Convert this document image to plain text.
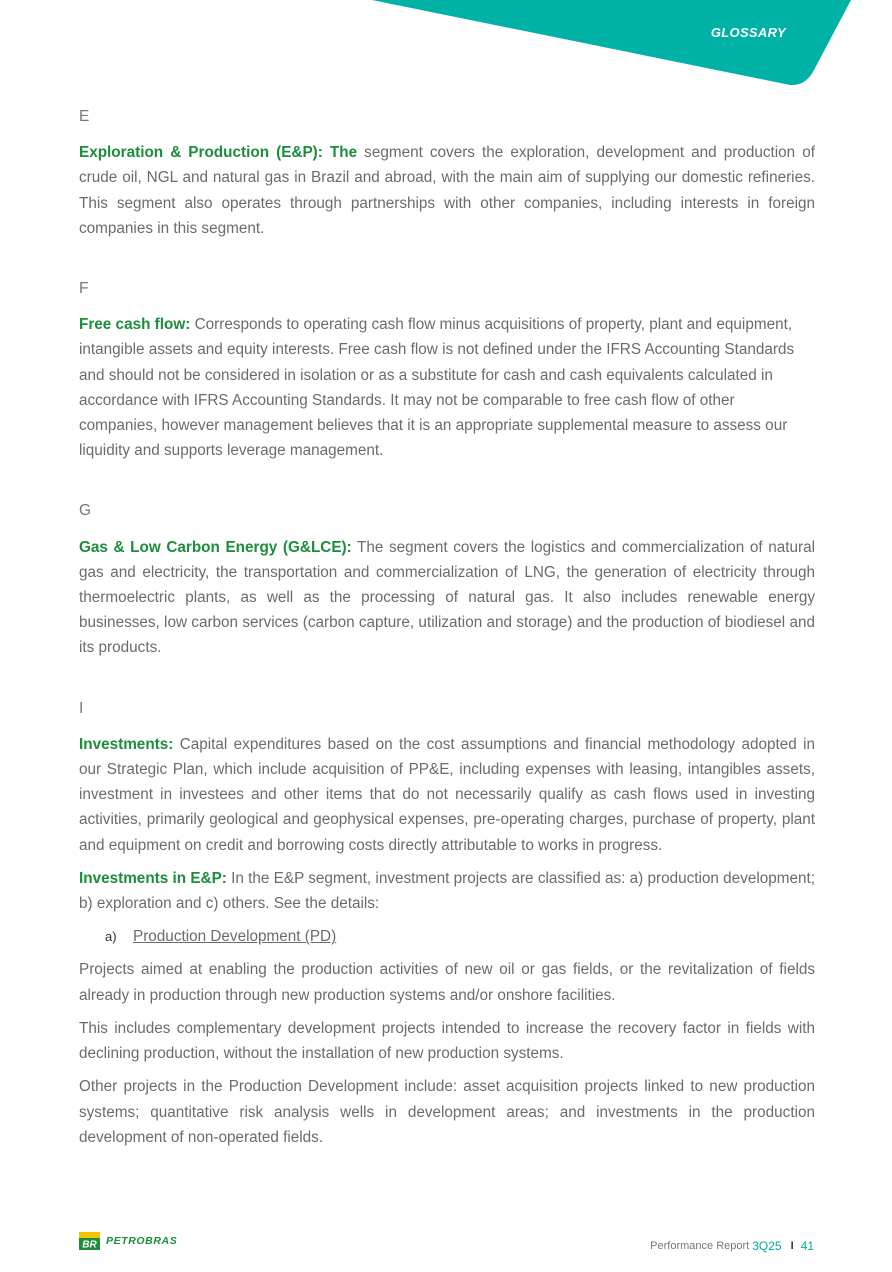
GLOSSARY
E

Exploration & Production (E&P): The segment covers the exploration, development and production of crude oil, NGL and natural gas in Brazil and abroad, with the main aim of supplying our domestic refineries. This segment also operates through partnerships with other companies, including interests in foreign companies in this segment.

F

Free cash flow: Corresponds to operating cash flow minus acquisitions of property, plant and equipment, intangible assets and equity interests. Free cash flow is not defined under the IFRS Accounting Standards and should not be considered in isolation or as a substitute for cash and cash equivalents calculated in accordance with IFRS Accounting Standards. It may not be comparable to free cash flow of other companies, however management believes that it is an appropriate supplemental measure to assess our liquidity and supports leverage management.

G

Gas & Low Carbon Energy (G&LCE): The segment covers the logistics and commercialization of natural gas and electricity, the transportation and commercialization of LNG, the generation of electricity through thermoelectric plants, as well as the processing of natural gas. It also includes renewable energy businesses, low carbon services (carbon capture, utilization and storage) and the production of biodiesel and its products.

I

Investments: Capital expenditures based on the cost assumptions and financial methodology adopted in our Strategic Plan, which include acquisition of PP&E, including expenses with leasing, intangibles assets, investment in investees and other items that do not necessarily qualify as cash flows used in investing activities, primarily geological and geophysical expenses, pre-operating charges, purchase of property, plant and equipment on credit and borrowing costs directly attributable to works in progress.

Investments in E&P: In the E&P segment, investment projects are classified as: a) production development; b) exploration and c) others. See the details:

a)	Production Development (PD)

Projects aimed at enabling the production activities of new oil or gas fields, or the revitalization of fields already in production through new production systems and/or onshore facilities.

This includes complementary development projects intended to increase the recovery factor in fields with declining production, without the installation of new production systems.

Other projects in the Production Development include: asset acquisition projects linked to new production systems; quantitative risk analysis wells in development areas; and investments in the production development of non-operated fields.

BR PETROBRAS	Performance Report 3Q25 I 41
